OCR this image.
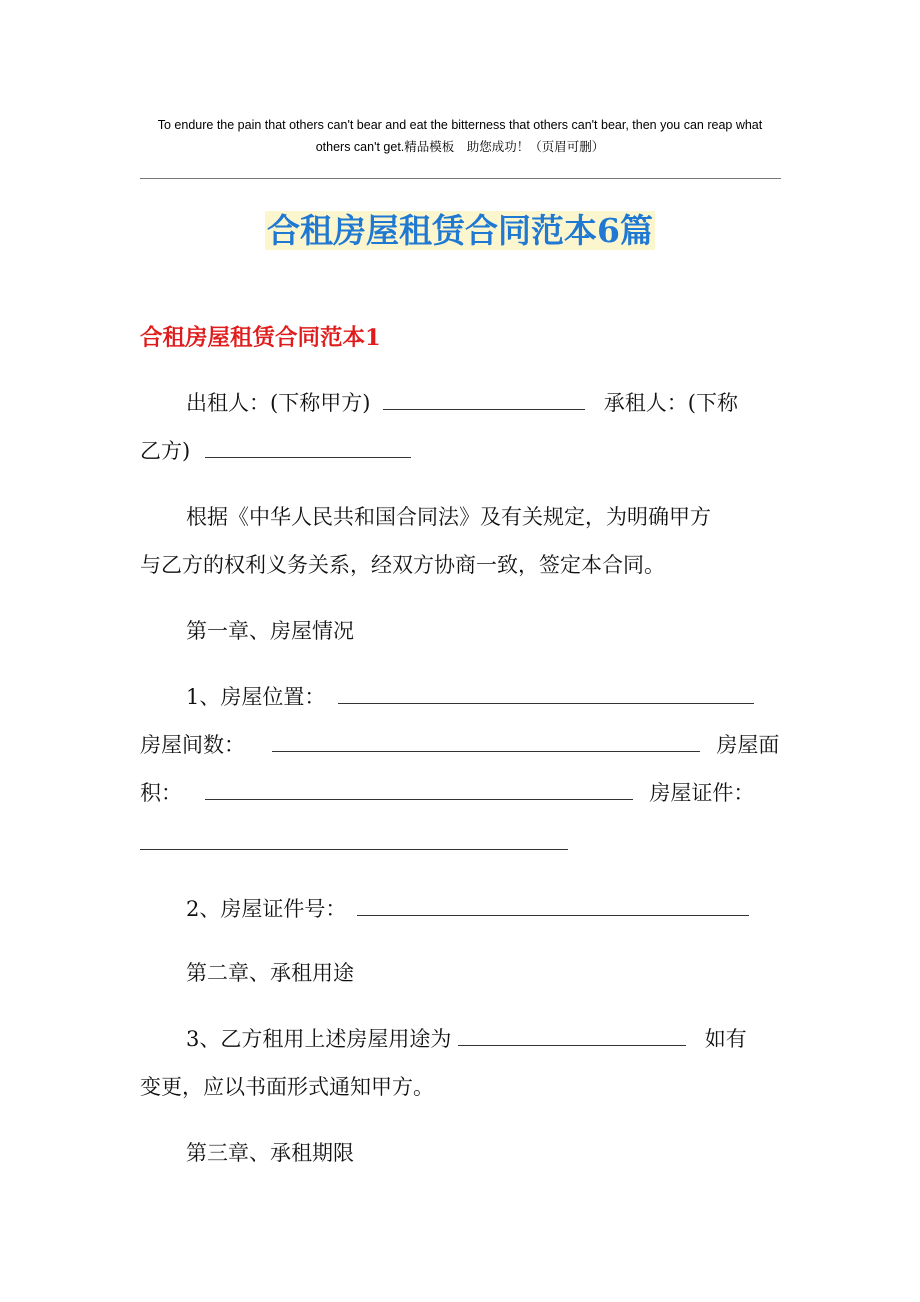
To endure the pain that others can't bear and eat the bitterness that others can't bear, then you can reap what
others can't get.精品模板　助您成功！（页眉可删）
合租房屋租赁合同范本6篇
合租房屋租赁合同范本1
出租人：(下称甲方)	承租人：(下称
乙方)
根据《中华人民共和国合同法》及有关规定，为明确甲方
与乙方的权利义务关系，经双方协商一致，签定本合同。
第一章、房屋情况
1、房屋位置：
房屋间数：	房屋面
积：	房屋证件：
2、房屋证件号：
第二章、承租用途
3、乙方租用上述房屋用途为	如有
变更，应以书面形式通知甲方。
第三章、承租期限
